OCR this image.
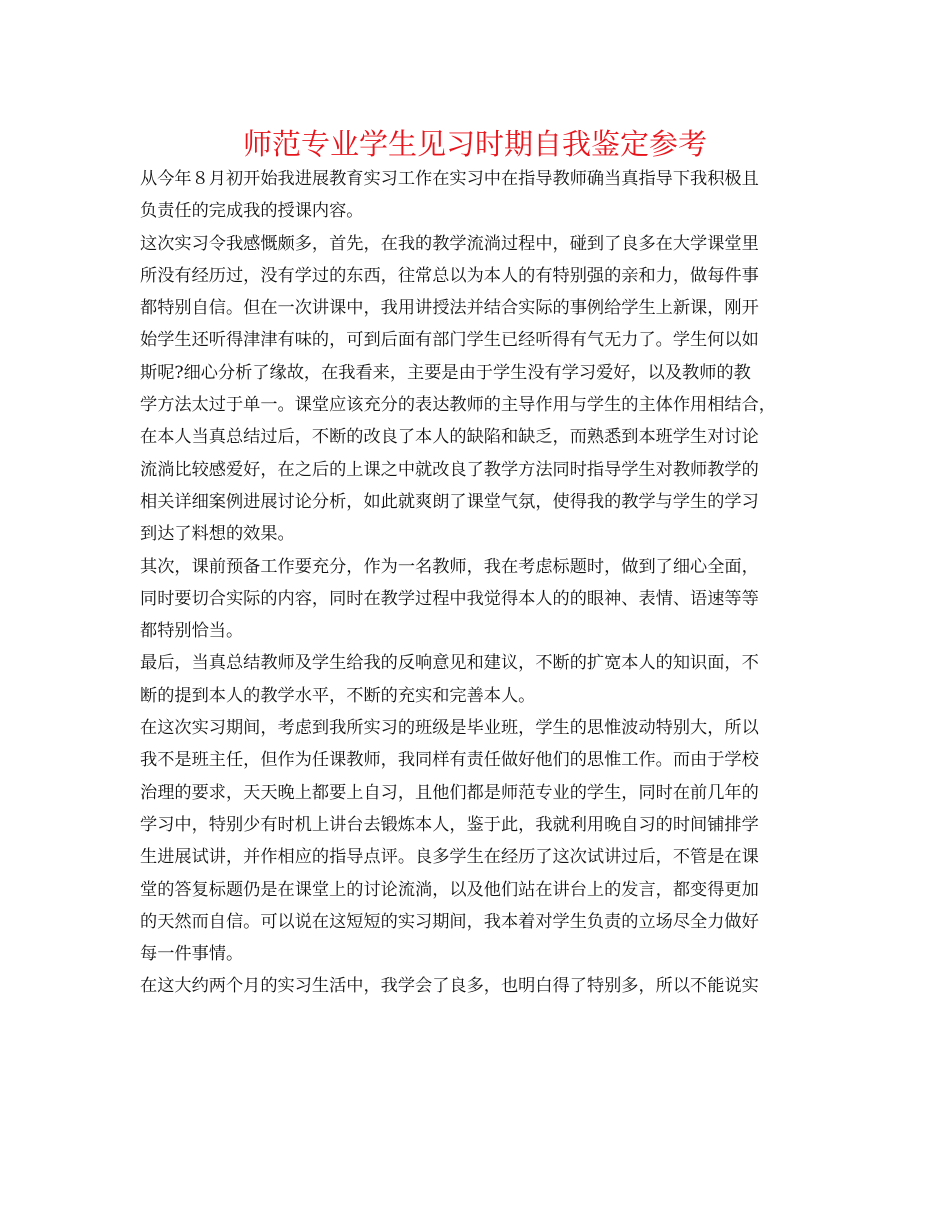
师范专业学生见习时期自我鉴定参考
从今年８月初开始我进展教育实习工作在实习中在指导教师确当真指导下我积极且
负责任的完成我的授课内容。
这次实习令我感慨颇多，首先，在我的教学流淌过程中，碰到了良多在大学课堂里
所没有经历过，没有学过的东西，往常总以为本人的有特别强的亲和力，做每件事
都特别自信。但在一次讲课中，我用讲授法并结合实际的事例给学生上新课，刚开
始学生还听得津津有味的，可到后面有部门学生已经听得有气无力了。学生何以如
斯呢?细心分析了缘故，在我看来，主要是由于学生没有学习爱好，以及教师的教
学方法太过于单一。课堂应该充分的表达教师的主导作用与学生的主体作用相结合，
在本人当真总结过后，不断的改良了本人的缺陷和缺乏，而熟悉到本班学生对讨论
流淌比较感爱好，在之后的上课之中就改良了教学方法同时指导学生对教师教学的
相关详细案例进展讨论分析，如此就爽朗了课堂气氛，使得我的教学与学生的学习
到达了料想的效果。
其次，课前预备工作要充分，作为一名教师，我在考虑标题时，做到了细心全面，
同时要切合实际的内容，同时在教学过程中我觉得本人的的眼神、表情、语速等等
都特别恰当。
最后，当真总结教师及学生给我的反响意见和建议，不断的扩宽本人的知识面，不
断的提到本人的教学水平，不断的充实和完善本人。
在这次实习期间，考虑到我所实习的班级是毕业班，学生的思惟波动特别大，所以
我不是班主任，但作为任课教师，我同样有责任做好他们的思惟工作。而由于学校
治理的要求，天天晚上都要上自习，且他们都是师范专业的学生，同时在前几年的
学习中，特别少有时机上讲台去锻炼本人，鉴于此，我就利用晚自习的时间铺排学
生进展试讲，并作相应的指导点评。良多学生在经历了这次试讲过后，不管是在课
堂的答复标题仍是在课堂上的讨论流淌，以及他们站在讲台上的发言，都变得更加
的天然而自信。可以说在这短短的实习期间，我本着对学生负责的立场尽全力做好
每一件事情。
在这大约两个月的实习生活中，我学会了良多，也明白得了特别多，所以不能说实
